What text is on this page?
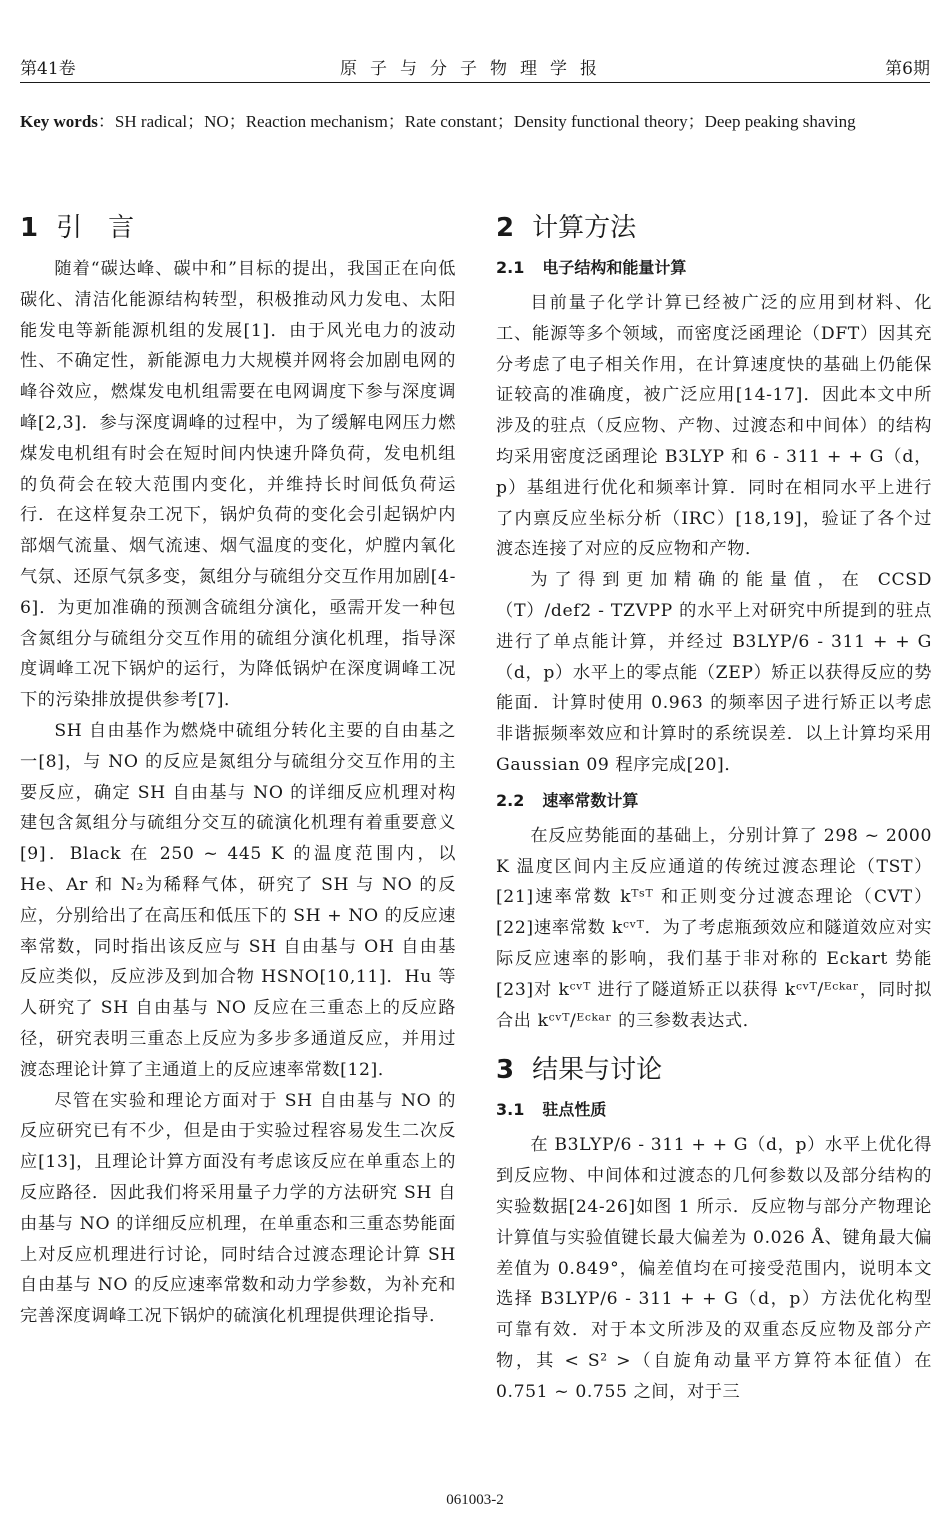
第41卷	原子与分子物理学报	第6期
Key words：SH radical；NO；Reaction mechanism；Rate constant；Density functional theory；Deep peaking shaving
1 引言

随着“碳达峰、碳中和”目标的提出，我国正在向低碳化、清洁化能源结构转型，积极推动风力发电、太阳能发电等新能源机组的发展[1]．由于风光电力的波动性、不确定性，新能源电力大规模并网将会加剧电网的峰谷效应，燃煤发电机组需要在电网调度下参与深度调峰[2,3]．参与深度调峰的过程中，为了缓解电网压力燃煤发电机组有时会在短时间内快速升降负荷，发电机组的负荷会在较大范围内变化，并维持长时间低负荷运行．在这样复杂工况下，锅炉负荷的变化会引起锅炉内部烟气流量、烟气流速、烟气温度的变化，炉膛内氧化气氛、还原气氛多变，氮组分与硫组分交互作用加剧[4-6]．为更加准确的预测含硫组分演化，亟需开发一种包含氮组分与硫组分交互作用的硫组分演化机理，指导深度调峰工况下锅炉的运行，为降低锅炉在深度调峰工况下的污染排放提供参考[7]．

SH 自由基作为燃烧中硫组分转化主要的自由基之一[8]，与 NO 的反应是氮组分与硫组分交互作用的主要反应，确定 SH 自由基与 NO 的详细反应机理对构建包含氮组分与硫组分交互的硫演化机理有着重要意义[9]．Black 在 250 ~ 445 K 的温度范围内，以 He、Ar 和 N₂为稀释气体，研究了 SH 与 NO 的反应，分别给出了在高压和低压下的 SH + NO 的反应速率常数，同时指出该反应与 SH 自由基与 OH 自由基反应类似，反应涉及到加合物 HSNO[10,11]．Hu 等人研究了 SH 自由基与 NO 反应在三重态上的反应路径，研究表明三重态上反应为多步多通道反应，并用过渡态理论计算了主通道上的反应速率常数[12]．

尽管在实验和理论方面对于 SH 自由基与 NO 的反应研究已有不少，但是由于实验过程容易发生二次反应[13]，且理论计算方面没有考虑该反应在单重态上的反应路径．因此我们将采用量子力学的方法研究 SH 自由基与 NO 的详细反应机理，在单重态和三重态势能面上对反应机理进行讨论，同时结合过渡态理论计算 SH 自由基与 NO 的反应速率常数和动力学参数，为补充和完善深度调峰工况下锅炉的硫演化机理提供理论指导．

2 计算方法
2.1 电子结构和能量计算

目前量子化学计算已经被广泛的应用到材料、化工、能源等多个领域，而密度泛函理论（DFT）因其充分考虑了电子相关作用，在计算速度快的基础上仍能保证较高的准确度，被广泛应用[14-17]．因此本文中所涉及的驻点（反应物、产物、过渡态和中间体）的结构均采用密度泛函理论 B3LYP 和 6 - 311 + + G（d，p）基组进行优化和频率计算．同时在相同水平上进行了内禀反应坐标分析（IRC）[18,19]，验证了各个过渡态连接了对应的反应物和产物．

为了得到更加精确的能量值，在 CCSD（T）/def2 - TZVPP 的水平上对研究中所提到的驻点进行了单点能计算，并经过 B3LYP/6 - 311 + + G（d，p）水平上的零点能（ZEP）矫正以获得反应的势能面．计算时使用 0.963 的频率因子进行矫正以考虑非谐振频率效应和计算时的系统误差．以上计算均采用 Gaussian 09 程序完成[20]．

2.2 速率常数计算

在反应势能面的基础上，分别计算了 298 ~ 2000 K 温度区间内主反应通道的传统过渡态理论（TST）[21]速率常数 kᵀˢᵀ 和正则变分过渡态理论（CVT）[22]速率常数 kᶜᵛᵀ．为了考虑瓶颈效应和隧道效应对实际反应速率的影响，我们基于非对称的 Eckart 势能[23]对 kᶜᵛᵀ 进行了隧道矫正以获得 kᶜᵛᵀ/ᴱᶜᵏᵃʳ，同时拟合出 kᶜᵛᵀ/ᴱᶜᵏᵃʳ 的三参数表达式．

3 结果与讨论
3.1 驻点性质

在 B3LYP/6 - 311 + + G（d，p）水平上优化得到反应物、中间体和过渡态的几何参数以及部分结构的实验数据[24-26]如图 1 所示．反应物与部分产物理论计算值与实验值键长最大偏差为 0.026 Å、键角最大偏差值为 0.849°，偏差值均在可接受范围内，说明本文选择 B3LYP/6 - 311 + + G（d，p）方法优化构型可靠有效．对于本文所涉及的双重态反应物及部分产物，其 < S² >（自旋角动量平方算符本征值）在 0.751 ~ 0.755 之间，对于三

061003-2
